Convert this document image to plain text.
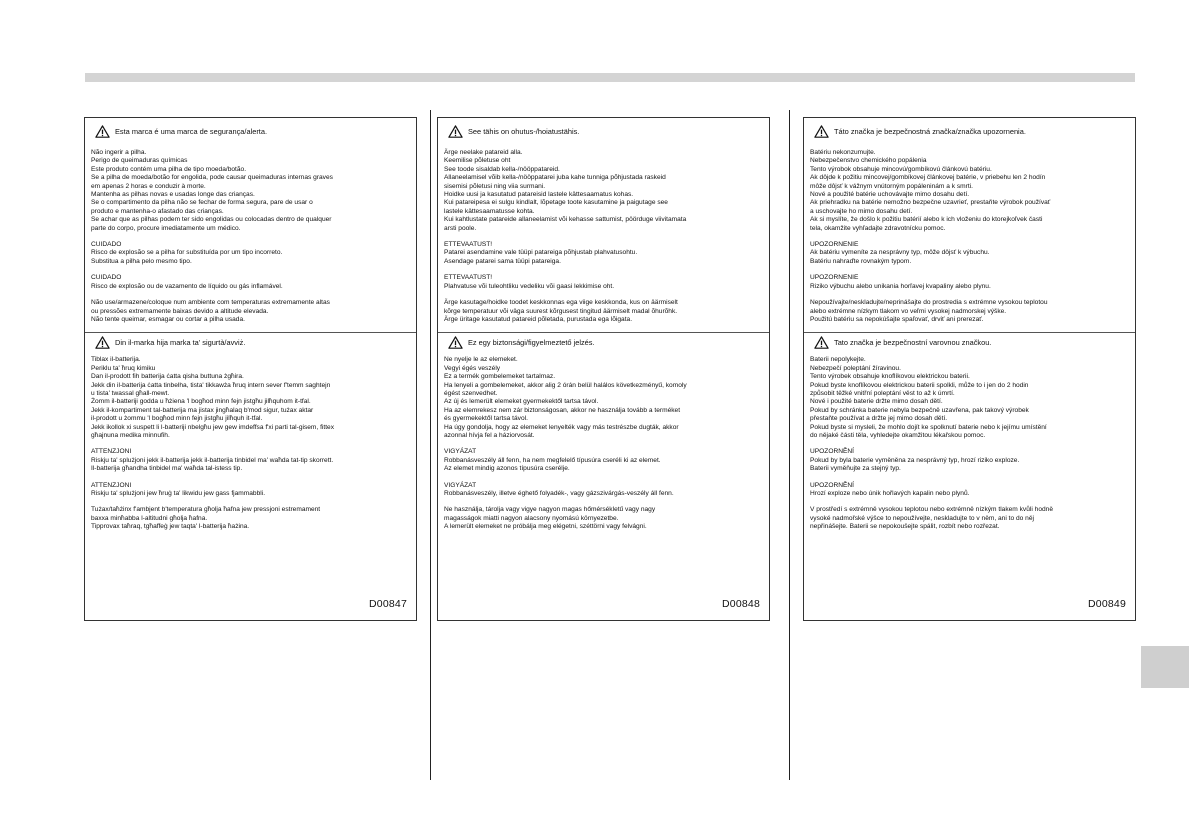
Esta marca é uma marca de segurança/alerta.
Não ingerir a pilha.
Perigo de queimaduras químicas
Este produto contém uma pilha de tipo moeda/botão.
Se a pilha de moeda/botão for engolida, pode causar queimaduras internas graves
em apenas 2 horas e conduzir à morte.
Mantenha as pilhas novas e usadas longe das crianças.
Se o compartimento da pilha não se fechar de forma segura, pare de usar o
produto e mantenha-o afastado das crianças.
Se achar que as pilhas podem ter sido engolidas ou colocadas dentro de qualquer
parte do corpo, procure imediatamente um médico.
CUIDADO
Risco de explosão se a pilha for substituída por um tipo incorreto.
Substitua a pilha pelo mesmo tipo.
CUIDADO
Risco de explosão ou de vazamento de líquido ou gás inflamável.
Não use/armazene/coloque num ambiente com temperaturas extremamente altas
ou pressões extremamente baixas devido a altitude elevada.
Não tente queimar, esmagar ou cortar a pilha usada.
Din il-marka hija marka ta' sigurtà/avviż.
Tiblax il-batterija.
Periklu ta' ħruq kimiku
Dan il-prodott fih batterija ċatta qisha buttuna żgħira.
Jekk din il-batterija ċatta tinbelha, tista' tikkawża ħruq intern sever f'temm saghtejn
u tista' twassal għall-mewt.
Żomm il-batteriji godda u ħżiena 'l bogħod minn fejn jistgħu jilħquhom it-tfal.
Jekk il-kompartiment tal-batterija ma jistax jingħalaq b'mod sigur, tużax aktar
il-prodott u żommu 'l bogħod minn fejn jistgħu jilħquh it-tfal.
Jekk ikollok xi suspett li l-batteriji nbelgħu jew gew imdeffsa f'xi parti tal-gisem, fittex
għajnuna medika minnufih.
ATTENZJONI
Riskju ta' splużjoni jekk il-batterija jekk il-batterija tinbidel ma' waħda tat-tip skorrett.
Il-batterija għandha tinbidel ma' waħda tal-istess tip.
ATTENZJONI
Riskju ta' splużjoni jew ħruġ ta' likwidu jew gass fjammabbli.
Tużax/taħżinx f'ambjent b'temperatura għolja ħafna jew pressjoni estremament
baxxa minħabba l-altitudni għolja ħafna.
Tipprovax taħraq, tgħaffeġ jew taqta' l-batterija ħażina.
D00847
See tähis on ohutus-/hoiatustähis.
Ärge neelake patareid alla.
Keemilise põletuse oht
See toode sisaldab kella-/nööppatareid.
Allaneelamisel võib kella-/nööppatarei juba kahe tunniga põhjustada raskeid
sisemisi põletusi ning viia surmani.
Hoidke uusi ja kasutatud patareisid lastele kättesaamatus kohas.
Kui patareipesa ei sulgu kindlalt, lõpetage toote kasutamine ja paigutage see
lastele kättesaamatusse kohta.
Kui kahtlustate patareide allaneelamist või kehasse sattumist, pöörduge viivitamata
arsti poole.
ETTEVAATUST!
Patarei asendamine vale tüüpi patareiga põhjustab plahvatusohtu.
Asendage patarei sama tüüpi patareiga.
ETTEVAATUST!
Plahvatuse või tuleohtliku vedeliku või gaasi lekkimise oht.
Ärge kasutage/hoidke toodet keskkonnas ega viige keskkonda, kus on äärmiselt
kõrge temperatuur või väga suurest kõrgusest tingitud äärmiselt madal õhurõhk.
Ärge üritage kasutatud patareid põletada, purustada ega lõigata.
Ez egy biztonsági/figyelmeztető jelzés.
Ne nyelje le az elemeket.
Vegyi égés veszély
Ez a termék gombelemeket tartalmaz.
Ha lenyeli a gombelemeket, akkor alig 2 órán belül halálos következményű, komoly
égést szenvedhet.
Az új és lemerült elemeket gyermekektől tartsa távol.
Ha az elemrekesz nem zár biztonságosan, akkor ne használja tovább a terméket
és gyermekektől tartsa távol.
Ha úgy gondolja, hogy az elemeket lenyelték vagy más testrészbe dugták, akkor
azonnal hívja fel a háziorvosát.
VIGYÁZAT
Robbanásveszély áll fenn, ha nem megfelelő típusúra cseréli ki az elemet.
Az elemet mindig azonos típusúra cserélje.
VIGYÁZAT
Robbanásveszély, illetve éghető folyadék-, vagy gázszivárgás-veszély áll fenn.
Ne használja, tárolja vagy vigye nagyon magas hőmérsékletű vagy nagy
magasságok miatti nagyon alacsony nyomású környezetbe.
A lemerült elemeket ne próbálja meg elégetni, széttörni vagy felvágni.
D00848
Táto značka je bezpečnostná značka/značka upozornenia.
Batériu nekonzumujte.
Nebezpečenstvo chemického popálenia
Tento výrobok obsahuje mincovú/gombíkovú článkovú batériu.
Ak dôjde k požitiu mincovej/gombíkovej článkovej batérie, v priebehu len 2 hodín
môže dôjsť k vážnym vnútorným popáleninám a k smrti.
Nové a použité batérie uchovávajte mimo dosahu detí.
Ak priehradku na batérie nemožno bezpečne uzavrieť, prestaňte výrobok používať
a uschovajte ho mimo dosahu detí.
Ak si myslíte, že došlo k požitiu batérií alebo k ich vloženiu do ktorejkoľvek časti
tela, okamžite vyhľadajte zdravotnícku pomoc.
UPOZORNENIE
Ak batériu vymeníte za nesprávny typ, môže dôjsť k výbuchu.
Batériu nahraďte rovnakým typom.
UPOZORNENIE
Riziko výbuchu alebo unikania horľavej kvapaliny alebo plynu.
Nepoužívajte/neskladujte/neprinášajte do prostredia s extrémne vysokou teplotou
alebo extrémne nízkym tlakom vo veľmi vysokej nadmorskej výške.
Použitú batériu sa nepokúšajte spaľovať, drviť ani prerezať.
Tato značka je bezpečnostní varovnou značkou.
Baterii nepolykejte.
Nebezpečí poleptání žíravinou.
Tento výrobek obsahuje knoflíkovou elektrickou baterii.
Pokud byste knoflíkovou elektrickou baterii spolkli, může to i jen do 2 hodin
způsobit těžké vnitřní poleptání věst to až k úmrtí.
Nové i použité baterie držte mimo dosah dětí.
Pokud by schránka baterie nebyla bezpečně uzavřena, pak takový výrobek
přestaňte používat a držte jej mimo dosah dětí.
Pokud byste si mysleli, že mohlo dojít ke spolknutí baterie nebo k jejímu umístění
do nějaké části těla, vyhledejte okamžitou lékařskou pomoc.
UPOZORNĚNÍ
Pokud by byla baterie vyměněna za nesprávný typ, hrozí riziko exploze.
Baterii vyměňujte za stejný typ.
UPOZORNĚNÍ
Hrozí exploze nebo únik hořlavých kapalin nebo plynů.
V prostředí s extrémně vysokou teplotou nebo extrémně nízkým tlakem kvůli hodně
vysoké nadmořské výšce to nepoužívejte, neskladujte to v něm, ani to do něj
nepřinášejte. Baterii se nepokoušejte spálit, rozbít nebo rozřezat.
D00849
